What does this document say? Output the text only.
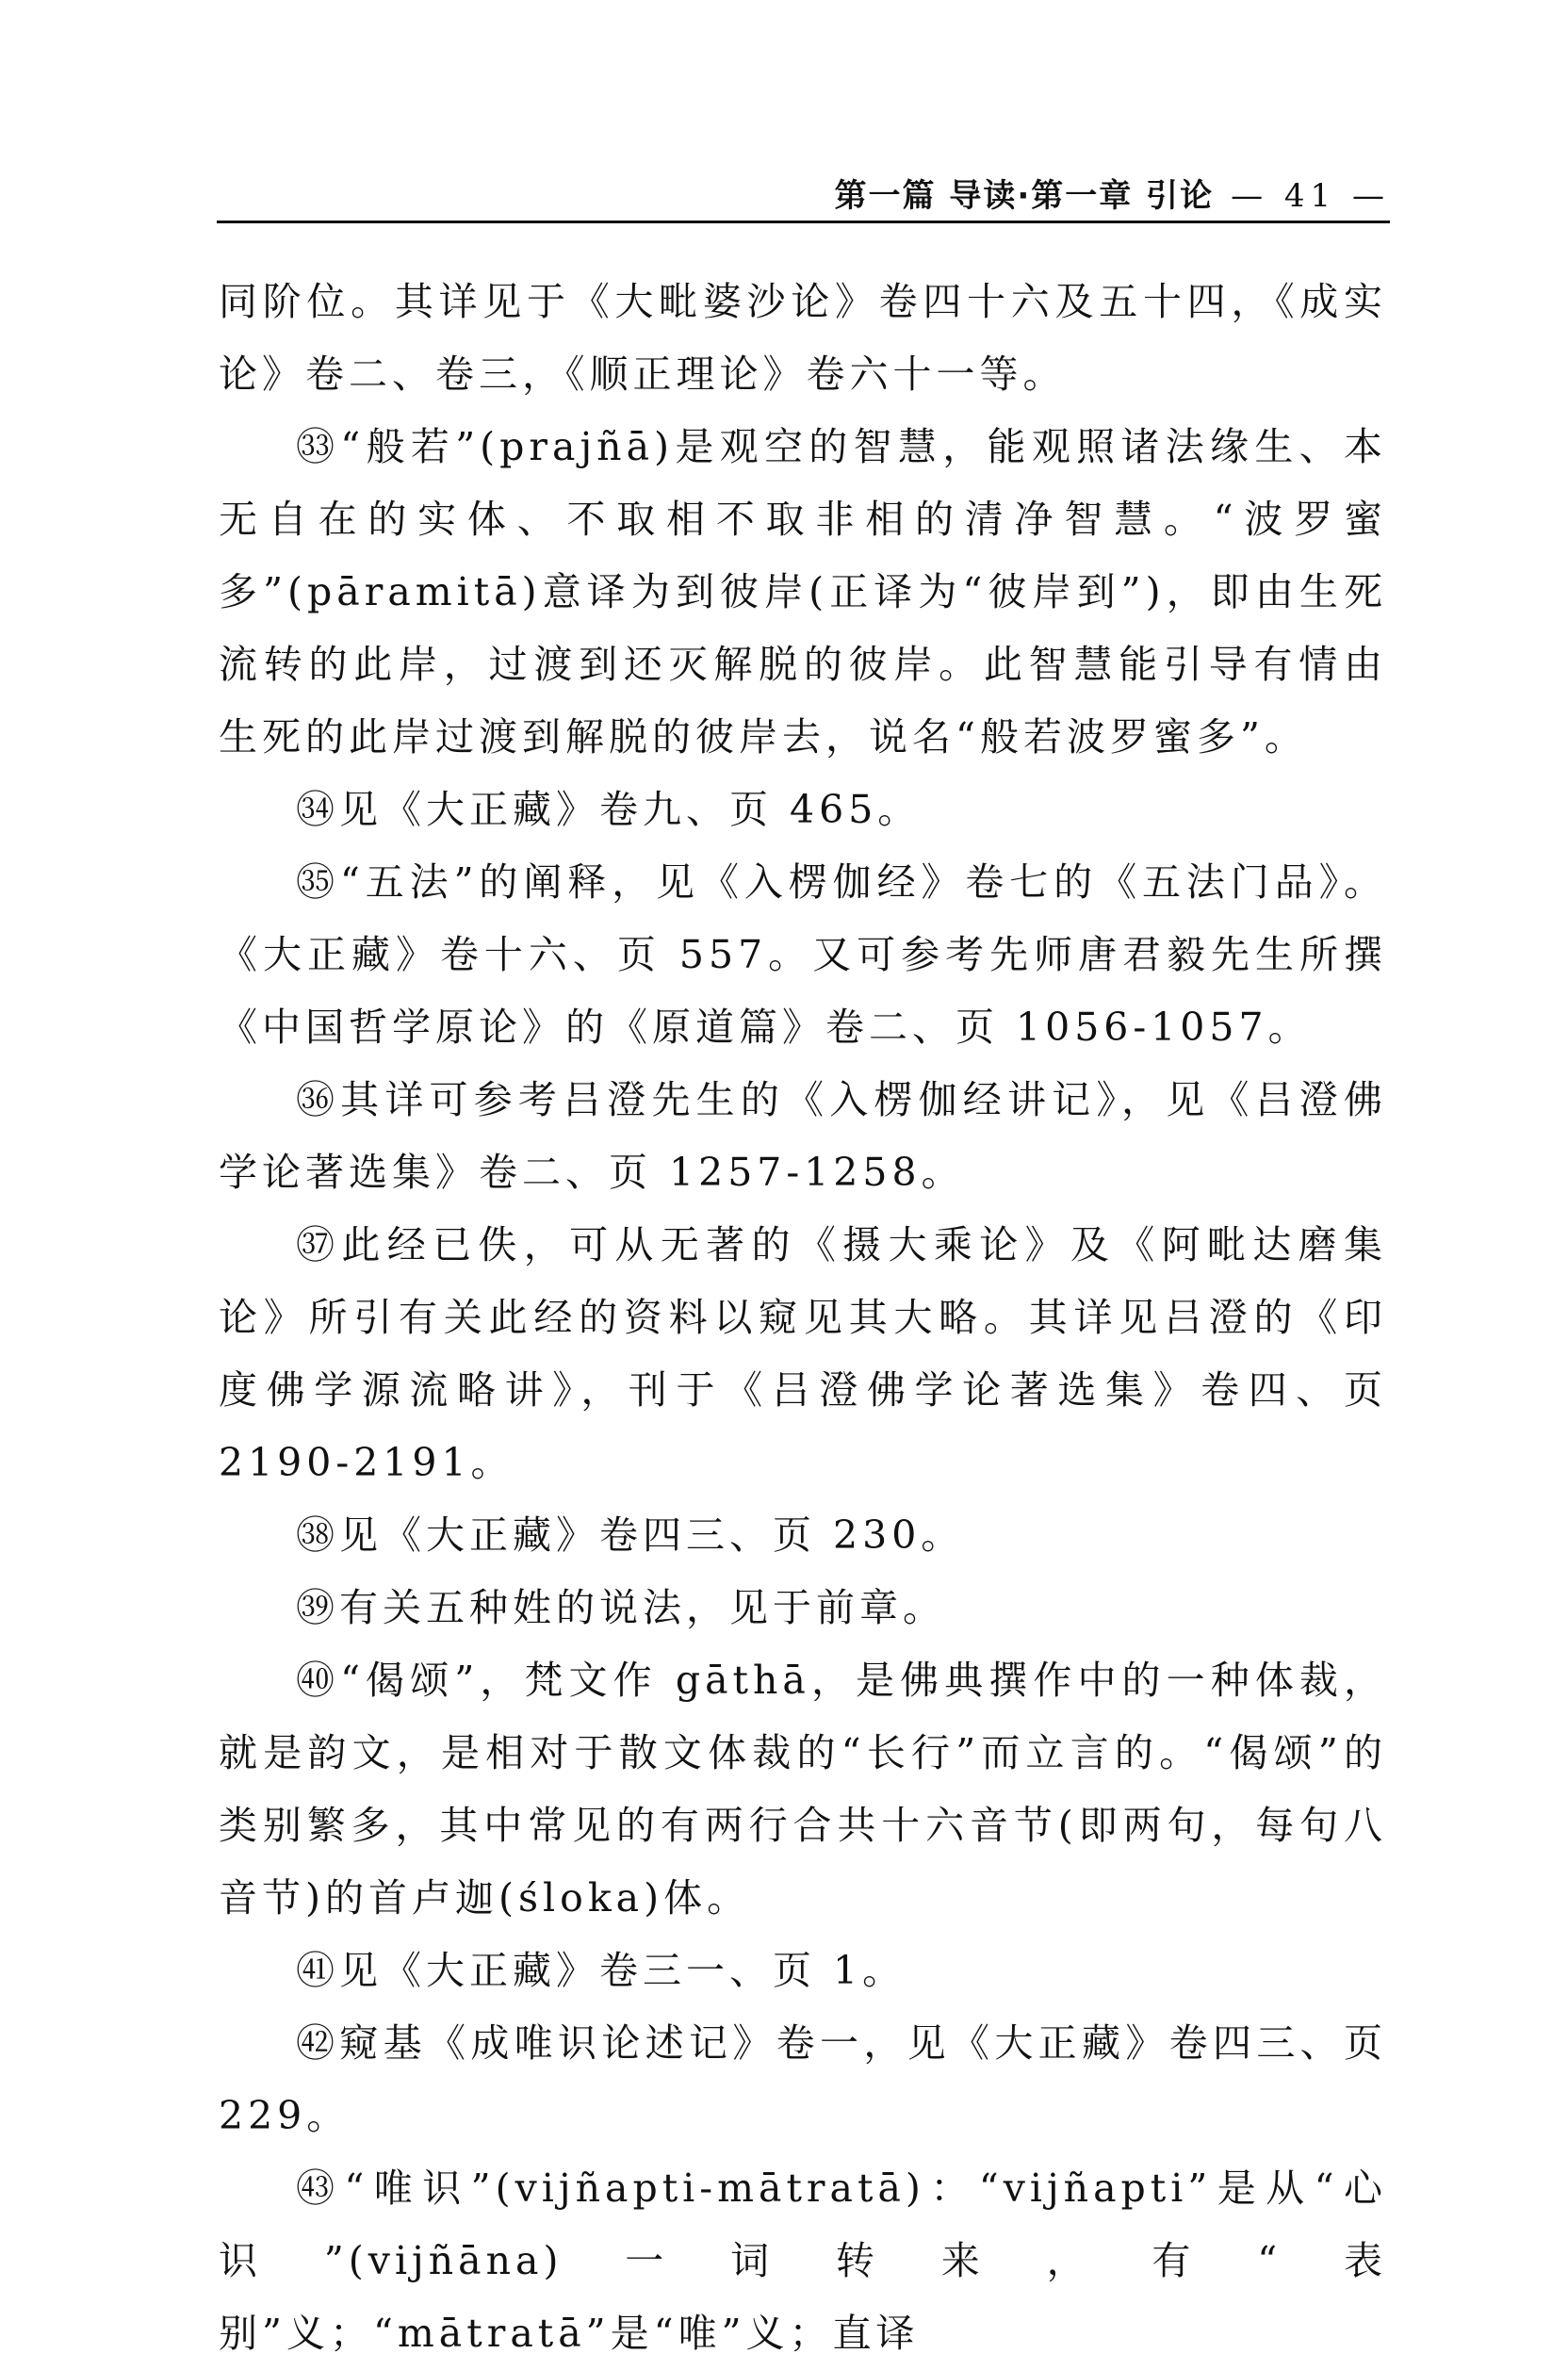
第一篇 导读·第一章 引论 — 41 —

同阶位。其详见于《大毗婆沙论》卷四十六及五十四，《成实论》卷二、卷三，《顺正理论》卷六十一等。

㉝“般若”(prajñā)是观空的智慧，能观照诸法缘生、本无自在的实体、不取相不取非相的清净智慧。“波罗蜜多”(pāramitā)意译为到彼岸(正译为“彼岸到”)，即由生死流转的此岸，过渡到还灭解脱的彼岸。此智慧能引导有情由生死的此岸过渡到解脱的彼岸去，说名“般若波罗蜜多”。

㉞见《大正藏》卷九、页 465。

㉟“五法”的阐释，见《入楞伽经》卷七的《五法门品》。《大正藏》卷十六、页 557。又可参考先师唐君毅先生所撰《中国哲学原论》的《原道篇》卷二、页 1056-1057。

㊱其详可参考吕澄先生的《入楞伽经讲记》，见《吕澄佛学论著选集》卷二、页 1257-1258。

㊲此经已佚，可从无著的《摄大乘论》及《阿毗达磨集论》所引有关此经的资料以窥见其大略。其详见吕澄的《印度佛学源流略讲》，刊于《吕澄佛学论著选集》卷四、页 2190-2191。

㊳见《大正藏》卷四三、页 230。

㊴有关五种姓的说法，见于前章。

㊵“偈颂”，梵文作 gāthā，是佛典撰作中的一种体裁，就是韵文，是相对于散文体裁的“长行”而立言的。“偈颂”的类别繁多，其中常见的有两行合共十六音节(即两句，每句八音节)的首卢迦(śloka)体。

㊶见《大正藏》卷三一、页 1。

㊷窥基《成唯识论述记》卷一，见《大正藏》卷四三、页 229。

㊸“唯识”(vijñapti-mātratā)：“vijñapti”是从“心识”(vijñāna)一词转来，有“表别”义；“mātratā”是“唯”义；直译
